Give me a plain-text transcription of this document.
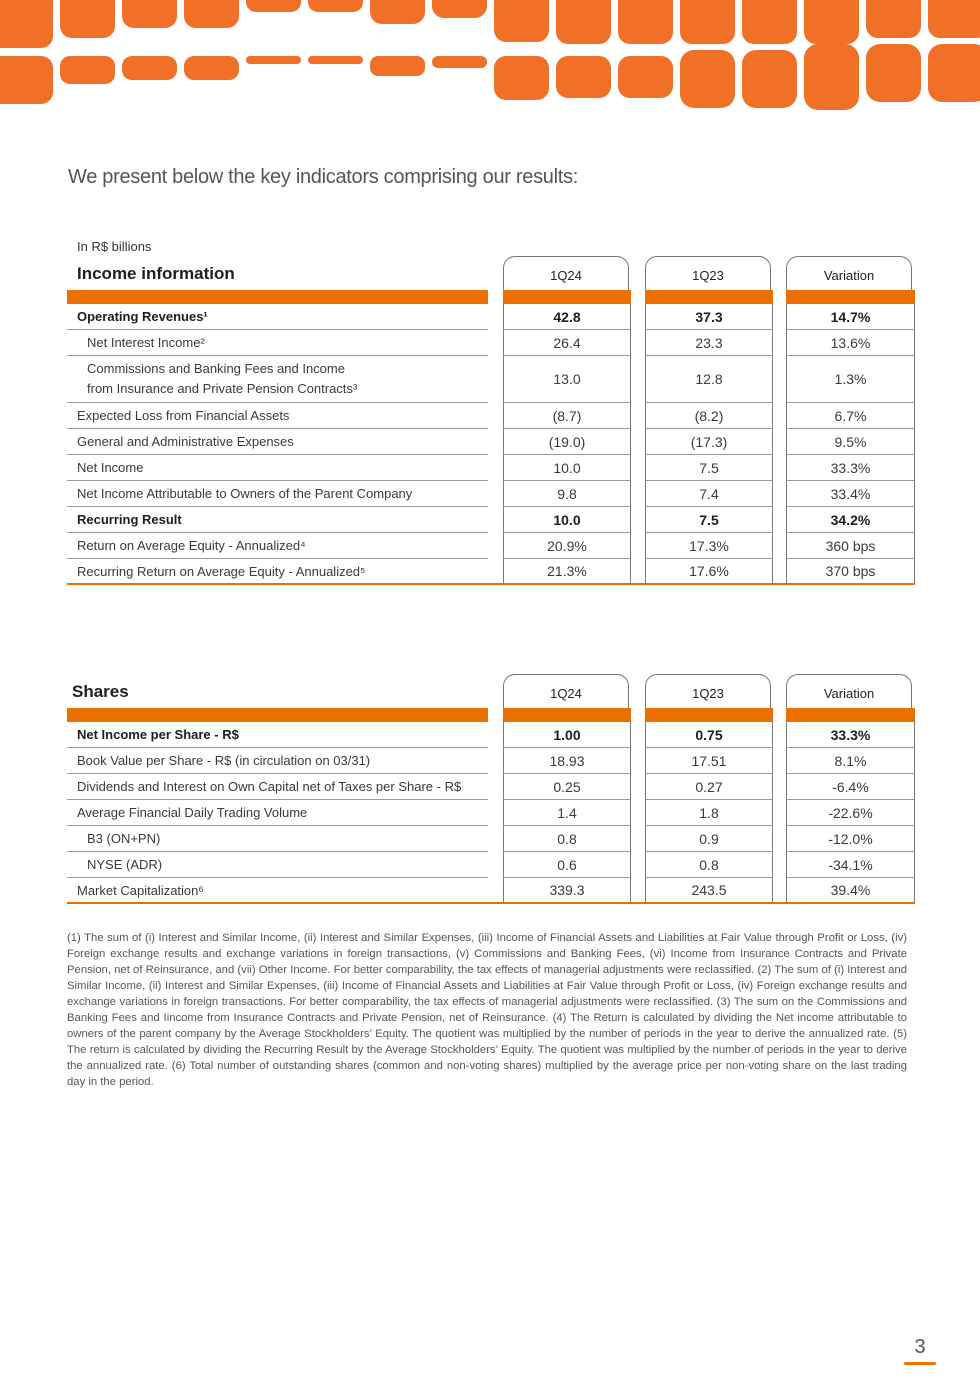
We present below the key indicators comprising our results:
In R$ billions
Income information	1Q24	1Q23	Variation
Operating Revenues¹	42.8	37.3	14.7%
Net Interest Income²	26.4	23.3	13.6%
Commissions and Banking Fees and Income
from Insurance and Private Pension Contracts³
13.0	12.8	1.3%
Expected Loss from Financial Assets	(8.7)	(8.2)	6.7%
General and Administrative Expenses	(19.0)	(17.3)	9.5%
Net Income	10.0	7.5	33.3%
Net Income Attributable to Owners of the Parent Company	9.8	7.4	33.4%
Recurring Result	10.0	7.5	34.2%
Return on Average Equity - Annualized⁴	20.9%	17.3%	360 bps
Recurring Return on Average Equity - Annualized⁵	21.3%	17.6%	370 bps
Shares	1Q24	1Q23	Variation
Net Income per Share - R$	1.00	0.75	33.3%
Book Value per Share - R$ (in circulation on 03/31)	18.93	17.51	8.1%
Dividends and Interest on Own Capital net of Taxes per Share - R$	0.25	0.27	-6.4%
Average Financial Daily Trading Volume	1.4	1.8	-22.6%
B3 (ON+PN)	0.8	0.9	-12.0%
NYSE (ADR)	0.6	0.8	-34.1%
Market Capitalization⁶	339.3	243.5	39.4%
(1) The sum of (i) Interest and Similar Income, (ii) Interest and Similar Expenses, (iii) Income of Financial Assets and Liabilities at Fair Value through Profit or Loss, (iv) Foreign exchange results and exchange variations in foreign transactions, (v) Commissions and Banking Fees, (vi) Income from Insurance Contracts and Private Pension, net of Reinsurance, and (vii) Other Income. For better comparability, the tax effects of managerial adjustments were reclassified. (2) The sum of (i) Interest and Similar Income, (ii) Interest and Similar Expenses, (iii) Income of Financial Assets and Liabilities at Fair Value through Profit or Loss, (iv) Foreign exchange results and exchange variations in foreign transactions. For better comparability, the tax effects of managerial adjustments were reclassified. (3) The sum on the Commissions and Banking Fees and Iincome from Insurance Contracts and Private Pension, net of Reinsurance. (4) The Return is calculated by dividing the Net income attributable to owners of the parent company by the Average Stockholders’ Equity. The quotient was multiplied by the number of periods in the year to derive the annualized rate. (5) The return is calculated by dividing the Recurring Result by the Average Stockholders’ Equity. The quotient was multiplied by the number of periods in the year to derive the annualized rate. (6) Total number of outstanding shares (common and non-voting shares) multiplied by the average price per non-voting share on the last trading day in the period.
3
